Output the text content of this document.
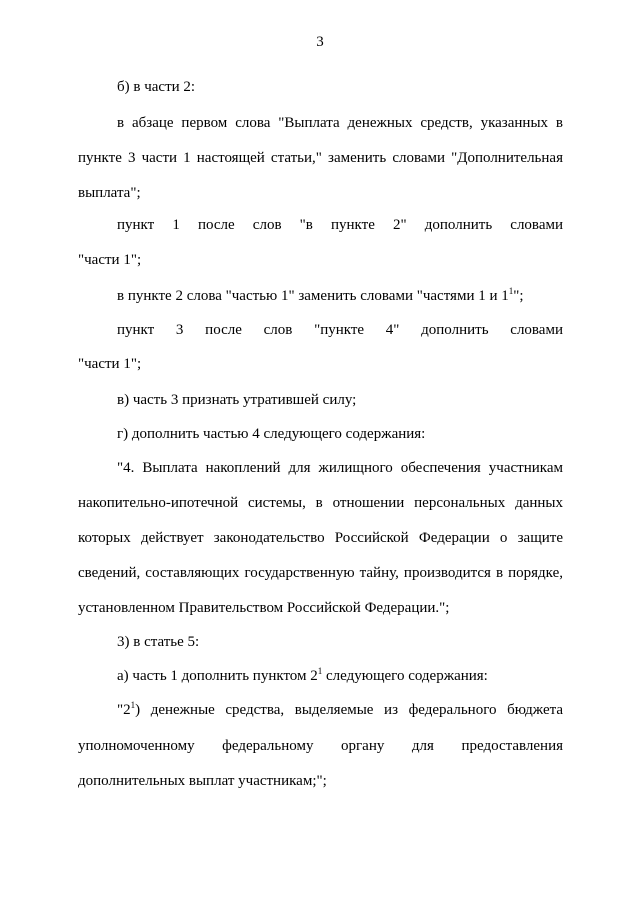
3
б) в части 2:
в абзаце первом слова "Выплата денежных средств, указанных в
пункте 3 части 1 настоящей статьи," заменить словами "Дополнительная
выплата";
пункт 1 после слов "в пункте 2" дополнить словами
"части 1";
в пункте 2 слова "частью 1" заменить словами "частями 1 и $1^1$";
пункт 3 после слов "пункте 4" дополнить словами
"части 1";
в) часть 3 признать утратившей силу;
г) дополнить частью 4 следующего содержания:
"4. Выплата накоплений для жилищного обеспечения участникам
накопительно-ипотечной системы, в отношении персональных данных
которых действует законодательство Российской Федерации о защите
сведений, составляющих государственную тайну, производится в порядке,
установленном Правительством Российской Федерации.";
3) в статье 5:
а) часть 1 дополнить пунктом $2^1$ следующего содержания:
"$2^1$) денежные средства, выделяемые из федерального бюджета
уполномоченному федеральному органу для предоставления
дополнительных выплат участникам;";
